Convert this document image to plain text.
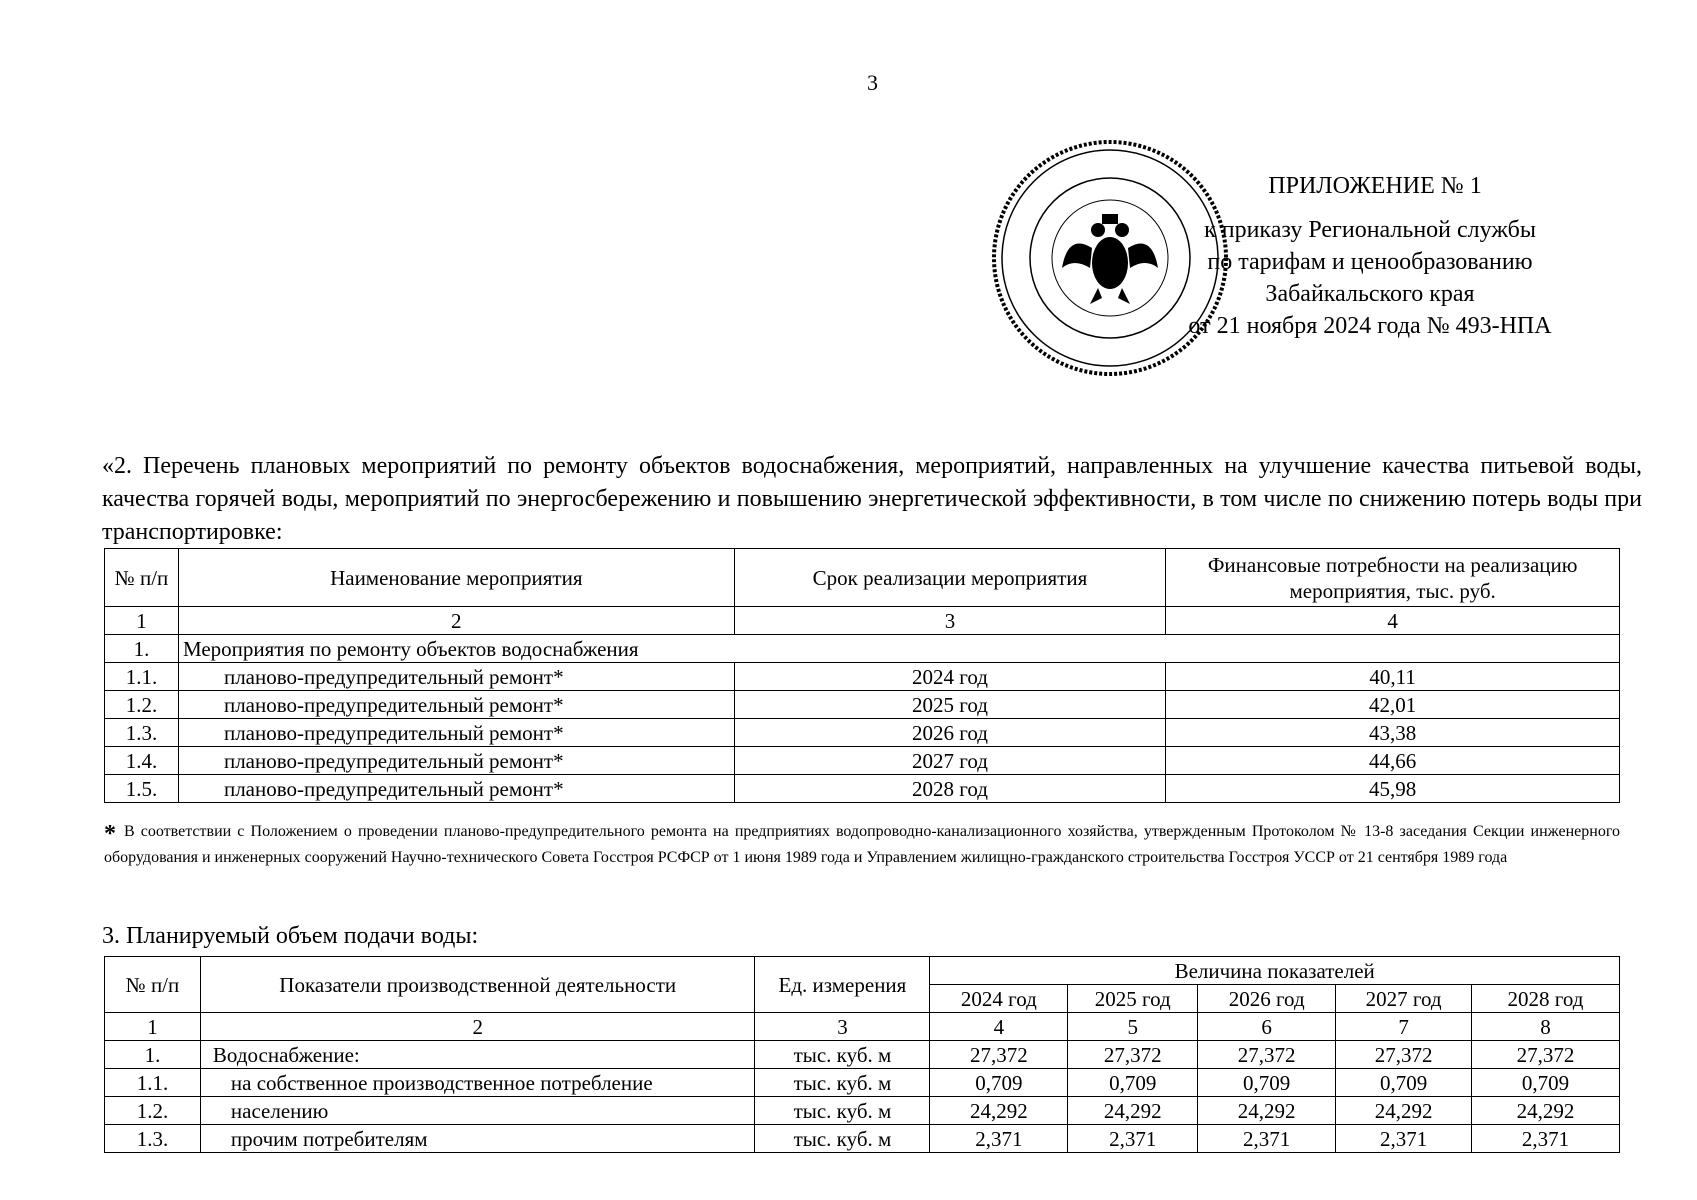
3
ПРИЛОЖЕНИЕ № 1
к приказу Региональной службы
по тарифам и ценообразованию
Забайкальского края
от 21 ноября 2024 года № 493-НПА
«2. Перечень плановых мероприятий по ремонту объектов водоснабжения, мероприятий, направленных на улучшение качества питьевой воды, качества горячей воды, мероприятий по энергосбережению и повышению энергетической эффективности, в том числе по снижению потерь воды при транспортировке:
№ п/п	Наименование мероприятия	Срок реализации мероприятия	Финансовые потребности на реализацию мероприятия, тыс. руб.
1	2	3	4
1.	Мероприятия по ремонту объектов водоснабжения		
1.1.	планово-предупредительный ремонт*	2024 год	40,11
1.2.	планово-предупредительный ремонт*	2025 год	42,01
1.3.	планово-предупредительный ремонт*	2026 год	43,38
1.4.	планово-предупредительный ремонт*	2027 год	44,66
1.5.	планово-предупредительный ремонт*	2028 год	45,98
* В соответствии с Положением о проведении планово-предупредительного ремонта на предприятиях водопроводно-канализационного хозяйства, утвержденным Протоколом № 13-8 заседания Секции инженерного оборудования и инженерных сооружений Научно-технического Совета Госстроя РСФСР от 1 июня 1989 года и Управлением жилищно-гражданского строительства Госстроя УССР от 21 сентября 1989 года
3. Планируемый объем подачи воды:
№ п/п	Показатели производственной деятельности	Ед. измерения	Величина показателей				
			2024 год	2025 год	2026 год	2027 год	2028 год
1	2	3	4	5	6	7	8
1.	Водоснабжение:	тыс. куб. м	27,372	27,372	27,372	27,372	27,372
1.1.	на собственное производственное потребление	тыс. куб. м	0,709	0,709	0,709	0,709	0,709
1.2.	населению	тыс. куб. м	24,292	24,292	24,292	24,292	24,292
1.3.	прочим потребителям	тыс. куб. м	2,371	2,371	2,371	2,371	2,371
